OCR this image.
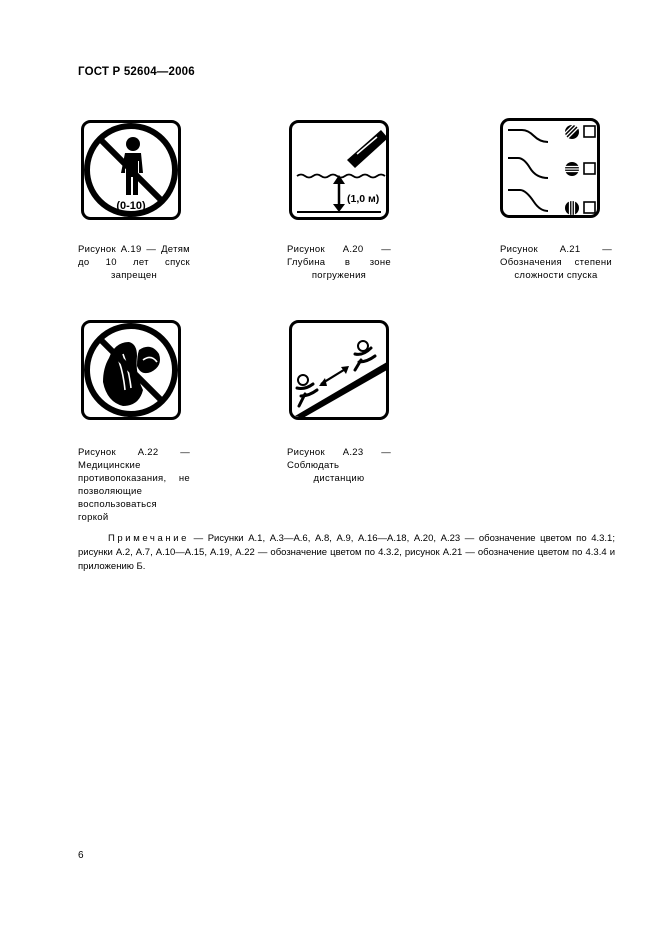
ГОСТ Р 52604—2006
(0-10)
Рисунок А.19 — Детям до 10 лет спуск запрещен
(1,0 м)
Рисунок А.20 — Глубина в зоне погружения
Рисунок А.21 — Обозначения степени сложности спуска
Рисунок А.22 — Медицинские противопоказания, не позволяющие воспользоваться горкой
Рисунок А.23 — Соблюдать дистанцию
Примечание — Рисунки А.1, А.3—А.6, А.8, А.9, А.16—А.18, А.20, А.23 — обозначение цветом по 4.3.1; рисунки А.2, А.7, А.10—А.15, А.19, А.22 — обозначение цветом по 4.3.2, рисунок А.21 — обозначение цветом по 4.3.4 и приложению Б.
6
